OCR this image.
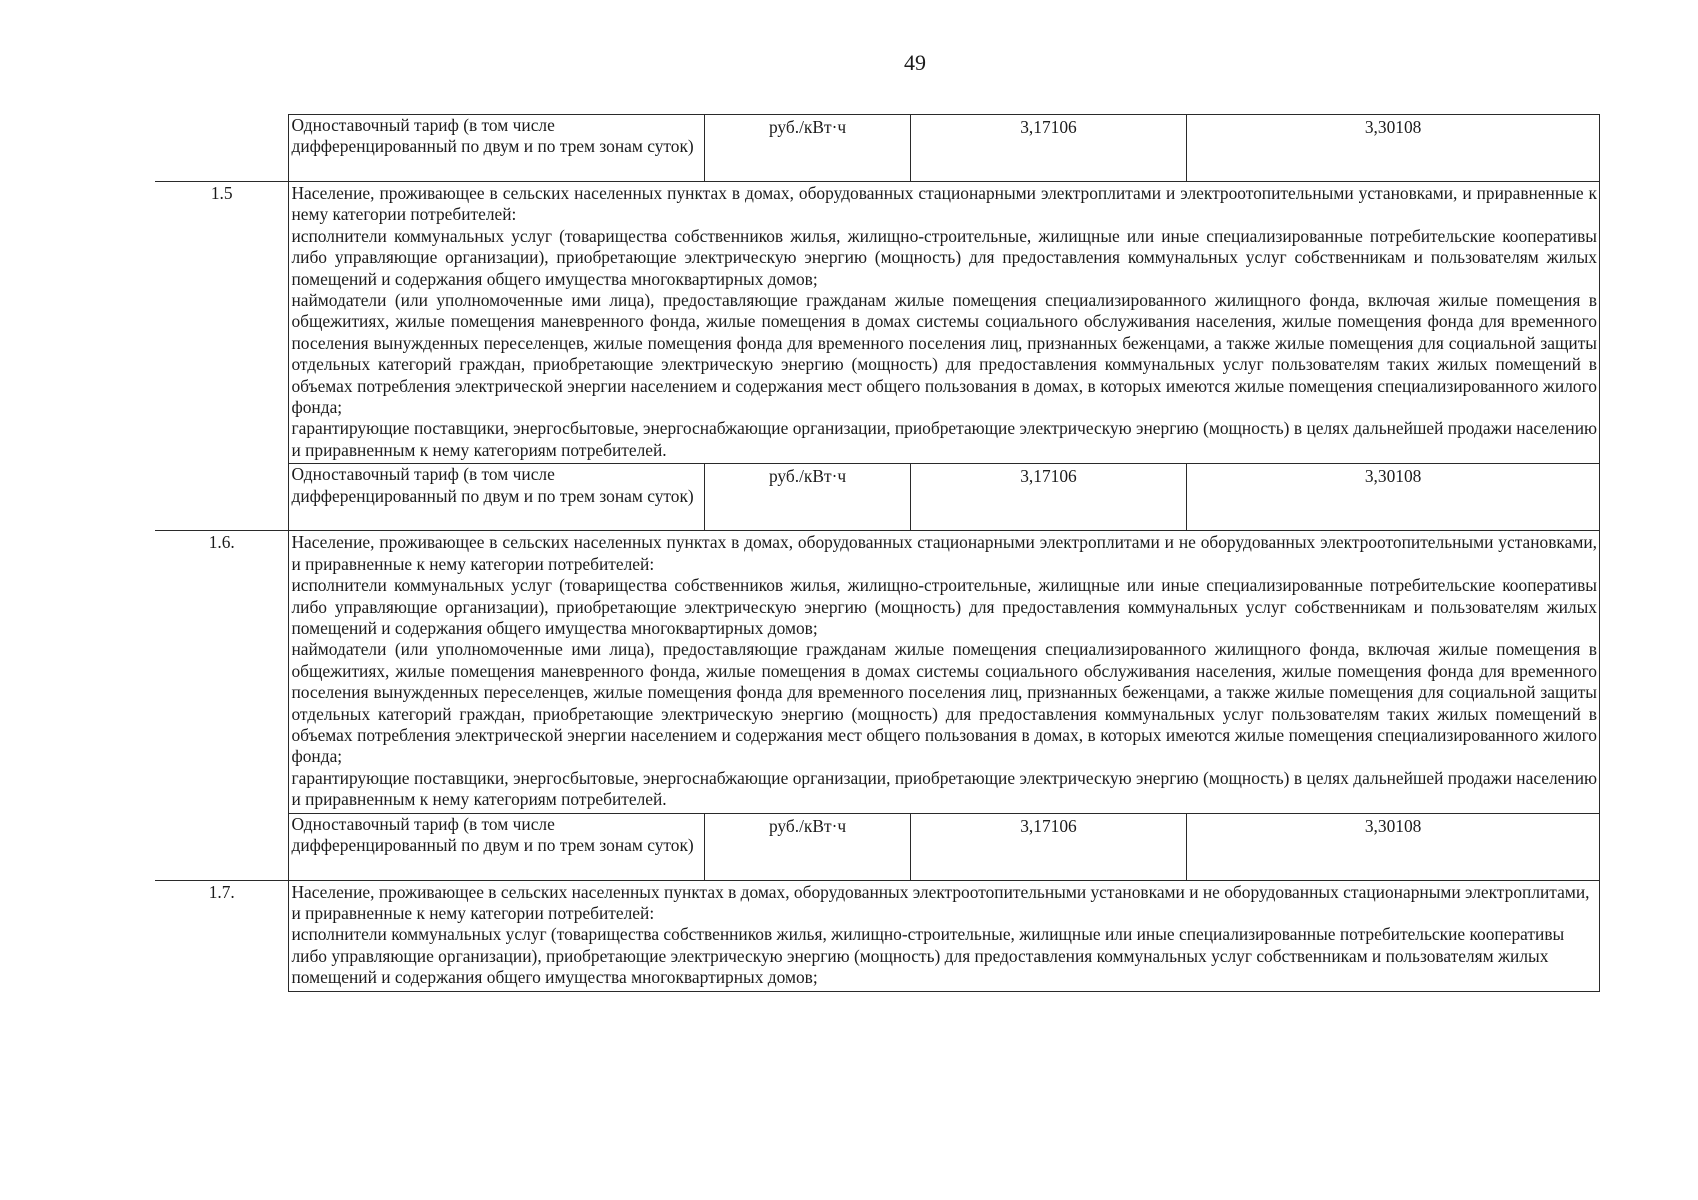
49
	Одноставочный тариф (в том числе дифференцированный по двум и по трем зонам суток)	руб./кВт·ч	3,17106	3,30108
1.5	Население, проживающее в сельских населенных пунктах в домах, оборудованных стационарными электроплитами и электроотопительными установками, и приравненные к нему категории потребителей:
исполнители коммунальных услуг (товарищества собственников жилья, жилищно-строительные, жилищные или иные специализированные потребительские кооперативы либо управляющие организации), приобретающие электрическую энергию (мощность) для предоставления коммунальных услуг собственникам и пользователям жилых помещений и содержания общего имущества многоквартирных домов;
наймодатели (или уполномоченные ими лица), предоставляющие гражданам жилые помещения специализированного жилищного фонда, включая жилые помещения в общежитиях, жилые помещения маневренного фонда, жилые помещения в домах системы социального обслуживания населения, жилые помещения фонда для временного поселения вынужденных переселенцев, жилые помещения фонда для временного поселения лиц, признанных беженцами, а также жилые помещения для социальной защиты отдельных категорий граждан, приобретающие электрическую энергию (мощность) для предоставления коммунальных услуг пользователям таких жилых помещений в объемах потребления электрической энергии населением и содержания мест общего пользования в домах, в которых имеются жилые помещения специализированного жилого фонда;
гарантирующие поставщики, энергосбытовые, энергоснабжающие организации, приобретающие электрическую энергию (мощность) в целях дальнейшей продажи населению и приравненным к нему категориям потребителей.			

	Одноставочный тариф (в том числе дифференцированный по двум и по трем зонам суток)	руб./кВт·ч	3,17106	3,30108
1.6.	Население, проживающее в сельских населенных пунктах в домах, оборудованных стационарными электроплитами и не оборудованных электроотопительными установками, и приравненные к нему категории потребителей:
исполнители коммунальных услуг (товарищества собственников жилья, жилищно-строительные, жилищные или иные специализированные потребительские кооперативы либо управляющие организации), приобретающие электрическую энергию (мощность) для предоставления коммунальных услуг собственникам и пользователям жилых помещений и содержания общего имущества многоквартирных домов;
наймодатели (или уполномоченные ими лица), предоставляющие гражданам жилые помещения специализированного жилищного фонда, включая жилые помещения в общежитиях, жилые помещения маневренного фонда, жилые помещения в домах системы социального обслуживания населения, жилые помещения фонда для временного поселения вынужденных переселенцев, жилые помещения фонда для временного поселения лиц, признанных беженцами, а также жилые помещения для социальной защиты отдельных категорий граждан, приобретающие электрическую энергию (мощность) для предоставления коммунальных услуг пользователям таких жилых помещений в объемах потребления электрической энергии населением и содержания мест общего пользования в домах, в которых имеются жилые помещения специализированного жилого фонда;
гарантирующие поставщики, энергосбытовые, энергоснабжающие организации, приобретающие электрическую энергию (мощность) в целях дальнейшей продажи населению и приравненным к нему категориям потребителей.			

	Одноставочный тариф (в том числе дифференцированный по двум и по трем зонам суток)	руб./кВт·ч	3,17106	3,30108
1.7.	Население, проживающее в сельских населенных пунктах в домах, оборудованных электроотопительными установками и не оборудованных стационарными электроплитами, и приравненные к нему категории потребителей:
исполнители коммунальных услуг (товарищества собственников жилья, жилищно-строительные, жилищные или иные специализированные потребительские кооперативы либо управляющие организации), приобретающие электрическую энергию (мощность) для предоставления коммунальных услуг собственникам и пользователям жилых помещений и содержания общего имущества многоквартирных домов;			
